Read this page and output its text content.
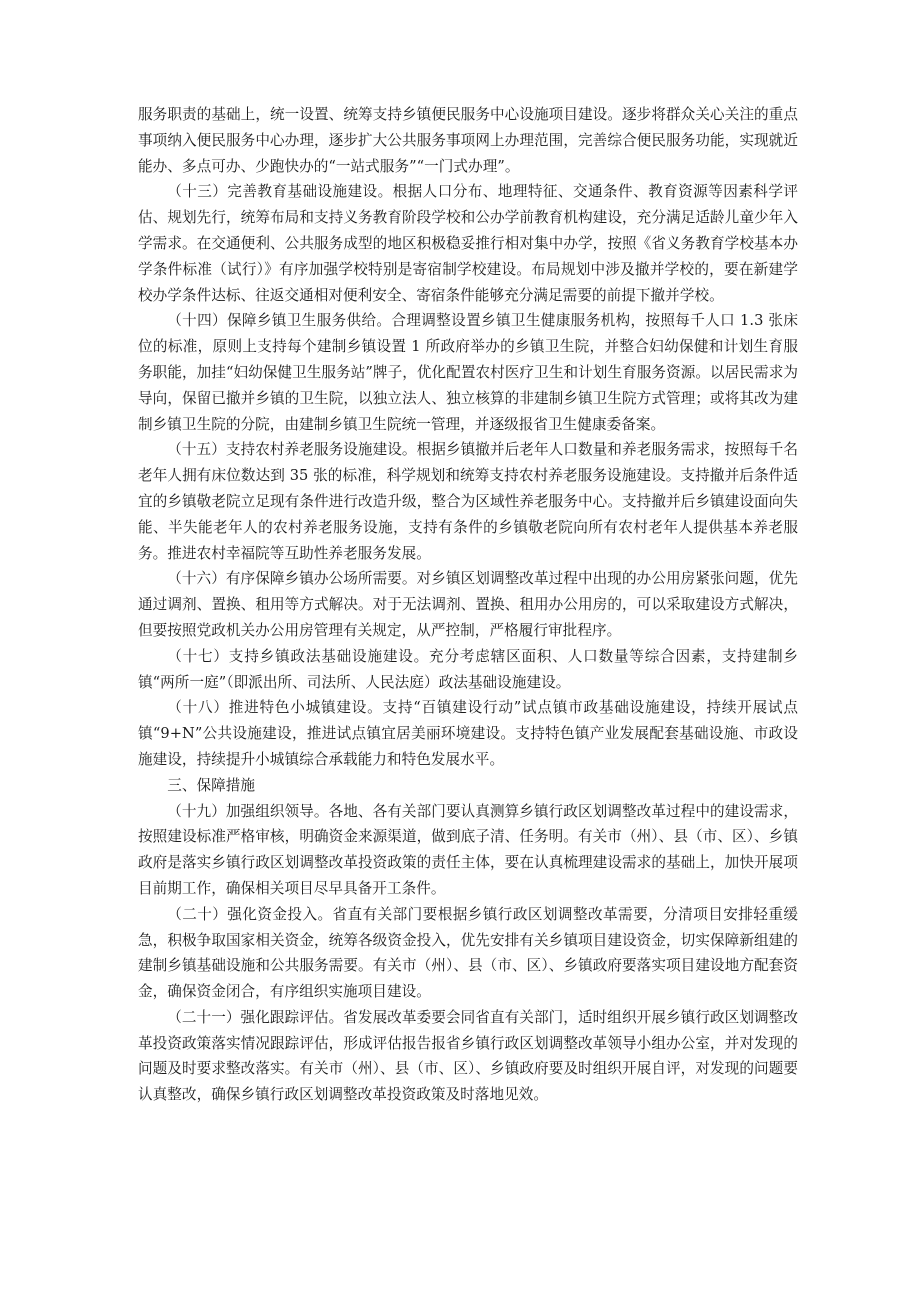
服务职责的基础上，统一设置、统筹支持乡镇便民服务中心设施项目建设。逐步将群众关心关注的重点事项纳入便民服务中心办理，逐步扩大公共服务事项网上办理范围，完善综合便民服务功能，实现就近能办、多点可办、少跑快办的“一站式服务”“一门式办理”。

（十三）完善教育基础设施建设。根据人口分布、地理特征、交通条件、教育资源等因素科学评估、规划先行，统筹布局和支持义务教育阶段学校和公办学前教育机构建设，充分满足适龄儿童少年入学需求。在交通便利、公共服务成型的地区积极稳妥推行相对集中办学，按照《省义务教育学校基本办学条件标准（试行）》有序加强学校特别是寄宿制学校建设。布局规划中涉及撤并学校的，要在新建学校办学条件达标、往返交通相对便利安全、寄宿条件能够充分满足需要的前提下撤并学校。

（十四）保障乡镇卫生服务供给。合理调整设置乡镇卫生健康服务机构，按照每千人口 1.3 张床位的标准，原则上支持每个建制乡镇设置 1 所政府举办的乡镇卫生院，并整合妇幼保健和计划生育服务职能，加挂“妇幼保健卫生服务站”牌子，优化配置农村医疗卫生和计划生育服务资源。以居民需求为导向，保留已撤并乡镇的卫生院，以独立法人、独立核算的非建制乡镇卫生院方式管理；或将其改为建制乡镇卫生院的分院，由建制乡镇卫生院统一管理，并逐级报省卫生健康委备案。

（十五）支持农村养老服务设施建设。根据乡镇撤并后老年人口数量和养老服务需求，按照每千名老年人拥有床位数达到 35 张的标准，科学规划和统筹支持农村养老服务设施建设。支持撤并后条件适宜的乡镇敬老院立足现有条件进行改造升级，整合为区域性养老服务中心。支持撤并后乡镇建设面向失能、半失能老年人的农村养老服务设施，支持有条件的乡镇敬老院向所有农村老年人提供基本养老服务。推进农村幸福院等互助性养老服务发展。

（十六）有序保障乡镇办公场所需要。对乡镇区划调整改革过程中出现的办公用房紧张问题，优先通过调剂、置换、租用等方式解决。对于无法调剂、置换、租用办公用房的，可以采取建设方式解决，但要按照党政机关办公用房管理有关规定，从严控制，严格履行审批程序。

（十七）支持乡镇政法基础设施建设。充分考虑辖区面积、人口数量等综合因素，支持建制乡镇“两所一庭”（即派出所、司法所、人民法庭）政法基础设施建设。

（十八）推进特色小城镇建设。支持“百镇建设行动”试点镇市政基础设施建设，持续开展试点镇“9+N”公共设施建设，推进试点镇宜居美丽环境建设。支持特色镇产业发展配套基础设施、市政设施建设，持续提升小城镇综合承载能力和特色发展水平。

三、保障措施

（十九）加强组织领导。各地、各有关部门要认真测算乡镇行政区划调整改革过程中的建设需求，按照建设标准严格审核，明确资金来源渠道，做到底子清、任务明。有关市（州）、县（市、区）、乡镇政府是落实乡镇行政区划调整改革投资政策的责任主体，要在认真梳理建设需求的基础上，加快开展项目前期工作，确保相关项目尽早具备开工条件。

（二十）强化资金投入。省直有关部门要根据乡镇行政区划调整改革需要，分清项目安排轻重缓急，积极争取国家相关资金，统筹各级资金投入，优先安排有关乡镇项目建设资金，切实保障新组建的建制乡镇基础设施和公共服务需要。有关市（州）、县（市、区）、乡镇政府要落实项目建设地方配套资金，确保资金闭合，有序组织实施项目建设。

（二十一）强化跟踪评估。省发展改革委要会同省直有关部门，适时组织开展乡镇行政区划调整改革投资政策落实情况跟踪评估，形成评估报告报省乡镇行政区划调整改革领导小组办公室，并对发现的问题及时要求整改落实。有关市（州）、县（市、区）、乡镇政府要及时组织开展自评，对发现的问题要认真整改，确保乡镇行政区划调整改革投资政策及时落地见效。
